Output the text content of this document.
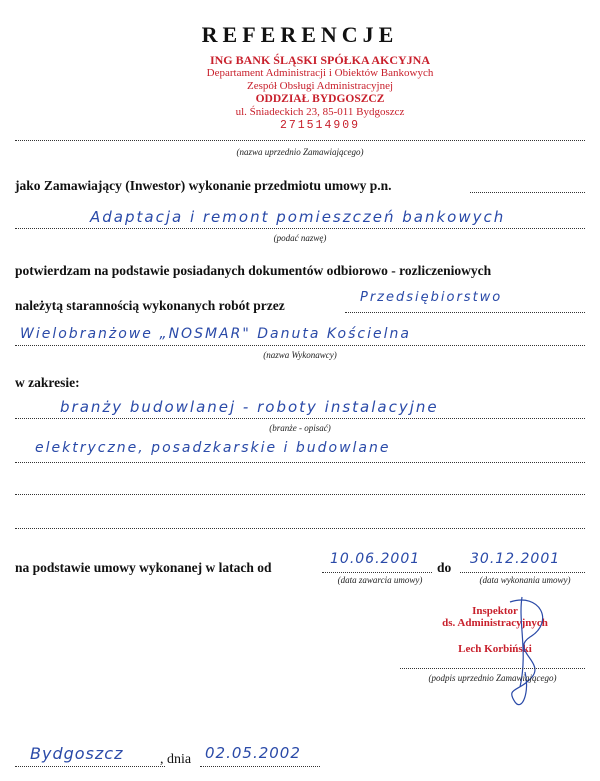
REFERENCJE
ING BANK ŚLĄSKI SPÓŁKA AKCYJNA
Departament Administracji i Obiektów Bankowych
Zespół Obsługi Administracyjnej
ODDZIAŁ BYDGOSZCZ
ul. Śniadeckich 23, 85-011 Bydgoszcz
271514909
(nazwa uprzednio Zamawiającego)
jako Zamawiający (Inwestor) wykonanie przedmiotu umowy p.n.
Adaptacja i remont pomieszczeń bankowych
(podać nazwę)
potwierdzam na podstawie posiadanych dokumentów odbiorowo - rozliczeniowych
należytą starannością wykonanych robót przez
Przedsiębiorstwo
Wielobranżowe „NOSMAR" Danuta Kościelna
(nazwa Wykonawcy)
w zakresie:
branży budowlanej - roboty instalacyjne
(branże - opisać)
elektryczne, posadzkarskie i budowlane
na podstawie umowy wykonanej w latach od
10.06.2001
do
30.12.2001
(data zawarcia umowy)	(data wykonania umowy)
Inspektor
ds. Administracyjnych
Lech Korbiński
(podpis uprzednio Zamawiającego)
Bydgoszcz	, dnia 02.05.2002
